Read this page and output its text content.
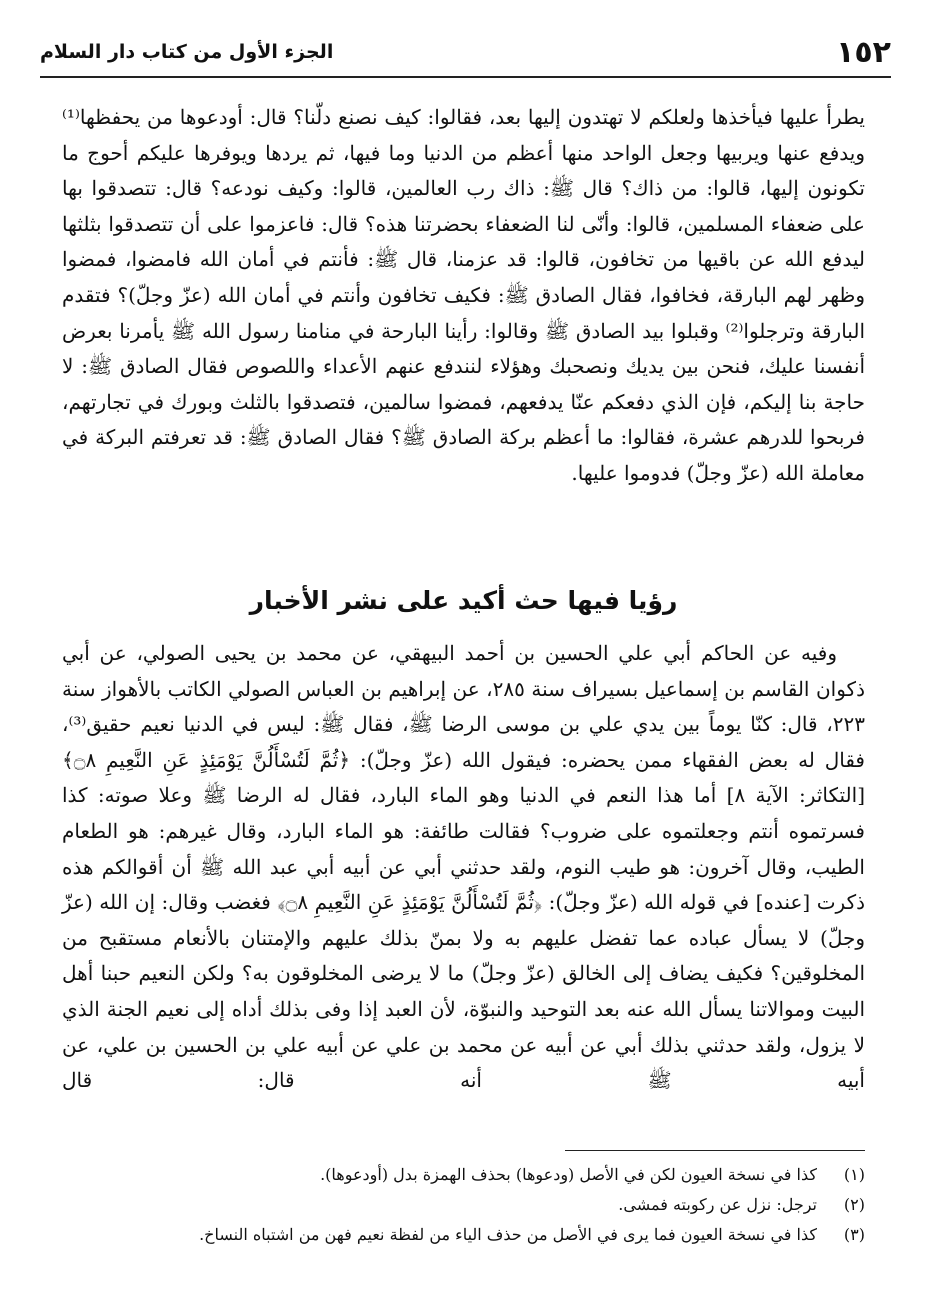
١٥٢
الجزء الأول من كتاب دار السلام

يطرأ عليها فيأخذها ولعلكم لا تهتدون إليها بعد، فقالوا: كيف نصنع دلّنا؟ قال: أودعوها من يحفظها⁽¹⁾ ويدفع عنها ويربيها وجعل الواحد منها أعظم من الدنيا وما فيها، ثم يردها ويوفرها عليكم أحوج ما تكونون إليها، قالوا: من ذاك؟ قال ﷺ: ذاك رب العالمين، قالوا: وكيف نودعه؟ قال: تتصدقوا بها على ضعفاء المسلمين، قالوا: وأنّى لنا الضعفاء بحضرتنا هذه؟ قال: فاعزموا على أن تتصدقوا بثلثها ليدفع الله عن باقيها من تخافون، قالوا: قد عزمنا، قال ﷺ: فأنتم في أمان الله فامضوا، فمضوا وظهر لهم البارقة، فخافوا، فقال الصادق ﷺ: فكيف تخافون وأنتم في أمان الله (عزّ وجلّ)؟ فتقدم البارقة وترجلوا⁽²⁾ وقبلوا بيد الصادق ﷺ وقالوا: رأينا البارحة في منامنا رسول الله ﷺ يأمرنا بعرض أنفسنا عليك، فنحن بين يديك ونصحبك وهؤلاء لنندفع عنهم الأعداء واللصوص فقال الصادق ﷺ: لا حاجة بنا إليكم، فإن الذي دفعكم عنّا يدفعهم، فمضوا سالمين، فتصدقوا بالثلث وبورك في تجارتهم، فربحوا للدرهم عشرة، فقالوا: ما أعظم بركة الصادق ﷺ؟ فقال الصادق ﷺ: قد تعرفتم البركة في معاملة الله (عزّ وجلّ) فدوموا عليها.

رؤيا فيها حث أكيد على نشر الأخبار

وفيه عن الحاكم أبي علي الحسين بن أحمد البيهقي، عن محمد بن يحيى الصولي، عن أبي ذكوان القاسم بن إسماعيل بسيراف سنة ٢٨٥، عن إبراهيم بن العباس الصولي الكاتب بالأهواز سنة ٢٢٣، قال: كنّا يوماً بين يدي علي بن موسى الرضا ﷺ، فقال ﷺ: ليس في الدنيا نعيم حقيق⁽³⁾، فقال له بعض الفقهاء ممن يحضره: فيقول الله (عزّ وجلّ): ﴿ثُمَّ لَتُسْأَلُنَّ يَوْمَئِذٍ عَنِ النَّعِيمِ ۝٨﴾ [التكاثر: الآية ٨] أما هذا النعم في الدنيا وهو الماء البارد، فقال له الرضا ﷺ وعلا صوته: كذا فسرتموه أنتم وجعلتموه على ضروب؟ فقالت طائفة: هو الماء البارد، وقال غيرهم: هو الطعام الطيب، وقال آخرون: هو طيب النوم، ولقد حدثني أبي عن أبيه أبي عبد الله ﷺ أن أقوالكم هذه ذكرت [عنده] في قوله الله (عزّ وجلّ): ﴿ثُمَّ لَتُسْأَلُنَّ يَوْمَئِذٍ عَنِ النَّعِيمِ ۝٨﴾ فغضب وقال: إن الله (عزّ وجلّ) لا يسأل عباده عما تفضل عليهم به ولا بمنّ بذلك عليهم والإمتنان بالأنعام مستقبح من المخلوقين؟ فكيف يضاف إلى الخالق (عزّ وجلّ) ما لا يرضى المخلوقون به؟ ولكن النعيم حبنا أهل البيت وموالاتنا يسأل الله عنه بعد التوحيد والنبوّة، لأن العبد إذا وفى بذلك أداه إلى نعيم الجنة الذي لا يزول، ولقد حدثني بذلك أبي عن أبيه عن محمد بن علي عن أبيه علي بن الحسين بن علي، عن أبيه ﷺ أنه قال: قال

(١)
كذا في نسخة العيون لكن في الأصل (ودعوها) بحذف الهمزة بدل (أودعوها).
(٢)
ترجل: نزل عن ركوبته فمشى.
(٣)
كذا في نسخة العيون فما يرى في الأصل من حذف الياء من لفظة نعيم فهن من اشتباه النساخ.
